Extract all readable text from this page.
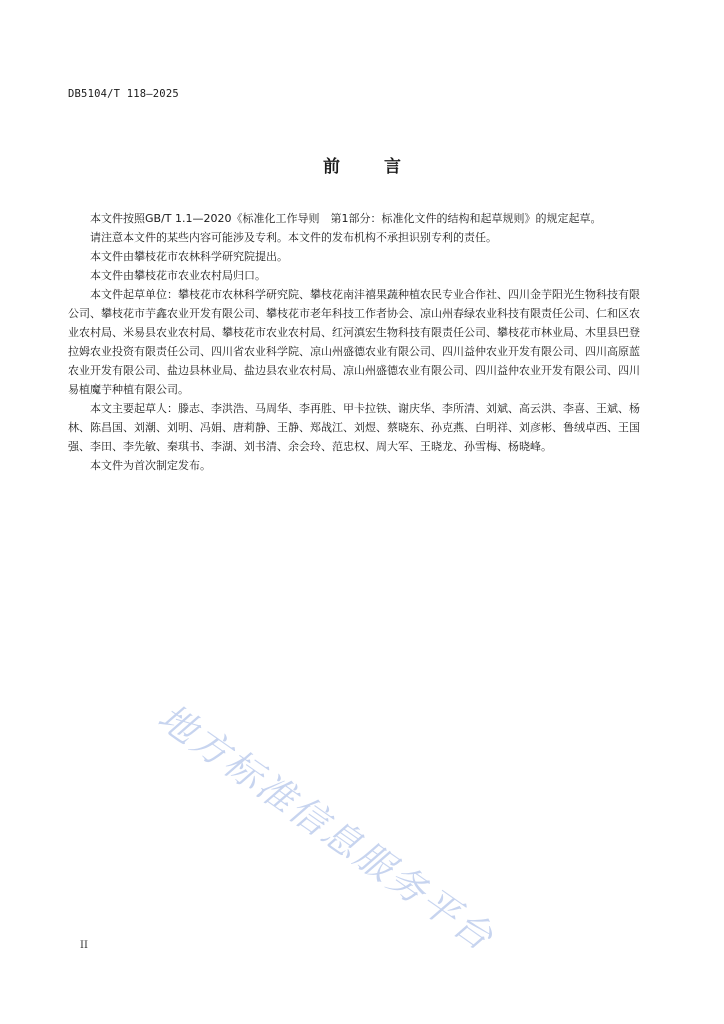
DB5104/T 118—2025
前	言

本文件按照GB/T 1.1—2020《标准化工作导则　第1部分：标准化文件的结构和起草规则》的规定起草。

请注意本文件的某些内容可能涉及专利。本文件的发布机构不承担识别专利的责任。

本文件由攀枝花市农林科学研究院提出。

本文件由攀枝花市农业农村局归口。

本文件起草单位：攀枝花市农林科学研究院、攀枝花南沣禧果蔬种植农民专业合作社、四川金芋阳光生物科技有限公司、攀枝花市芋鑫农业开发有限公司、攀枝花市老年科技工作者协会、凉山州春绿农业科技有限责任公司、仁和区农业农村局、米易县农业农村局、攀枝花市农业农村局、红河滇宏生物科技有限责任公司、攀枝花市林业局、木里县巴登拉姆农业投资有限责任公司、四川省农业科学院、凉山州盛德农业有限公司、四川益仲农业开发有限公司、四川高原蓝农业开发有限公司、盐边县林业局、盐边县农业农村局、凉山州盛德农业有限公司、四川益仲农业开发有限公司、四川易植魔芋种植有限公司。

本文主要起草人：滕志、李洪浩、马周华、李再胜、甲卡拉铁、谢庆华、李所清、刘斌、高云洪、李喜、王斌、杨林、陈昌国、刘潮、刘明、冯娟、唐莉静、王静、郑战江、刘煜、蔡晓东、孙克燕、白明祥、刘彦彬、鲁绒卓西、王国强、李田、李先敏、秦琪书、李湖、刘书清、余会玲、范忠权、周大军、王晓龙、孙雪梅、杨晓峰。

本文件为首次制定发布。

地方标准信息服务平台
II
